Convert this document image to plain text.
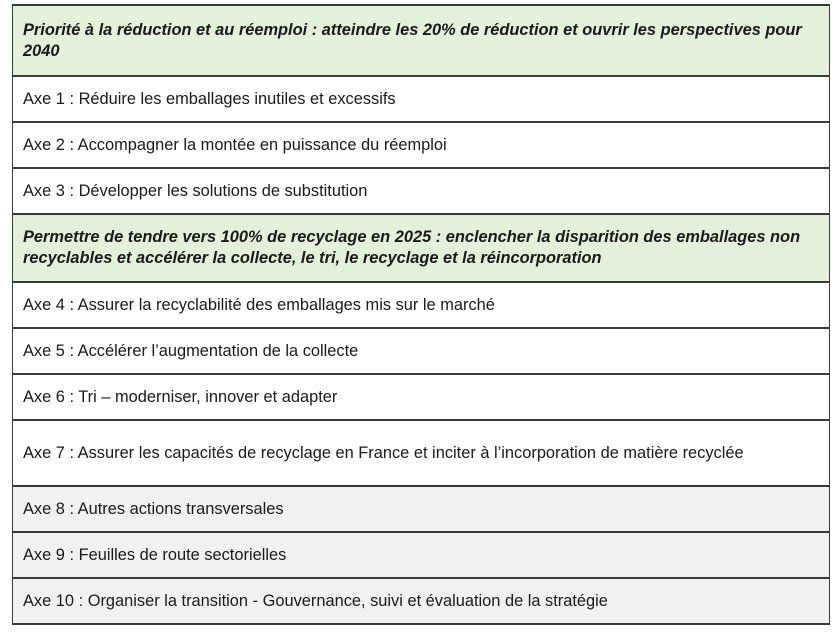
Priorité à la réduction et au réemploi : atteindre les 20% de réduction et ouvrir les perspectives pour 2040
Axe 1 : Réduire les emballages inutiles et excessifs
Axe 2 : Accompagner la montée en puissance du réemploi
Axe 3 : Développer les solutions de substitution
Permettre de tendre vers 100% de recyclage en 2025 : enclencher la disparition des emballages non recyclables et accélérer la collecte, le tri, le recyclage et la réincorporation
Axe 4 : Assurer la recyclabilité des emballages mis sur le marché
Axe 5 : Accélérer l’augmentation de la collecte
Axe 6 : Tri – moderniser, innover et adapter
Axe 7 : Assurer les capacités de recyclage en France et inciter à l’incorporation de matière recyclée
Axe 8 : Autres actions transversales
Axe 9 : Feuilles de route sectorielles
Axe 10 : Organiser la transition - Gouvernance, suivi et évaluation de la stratégie
